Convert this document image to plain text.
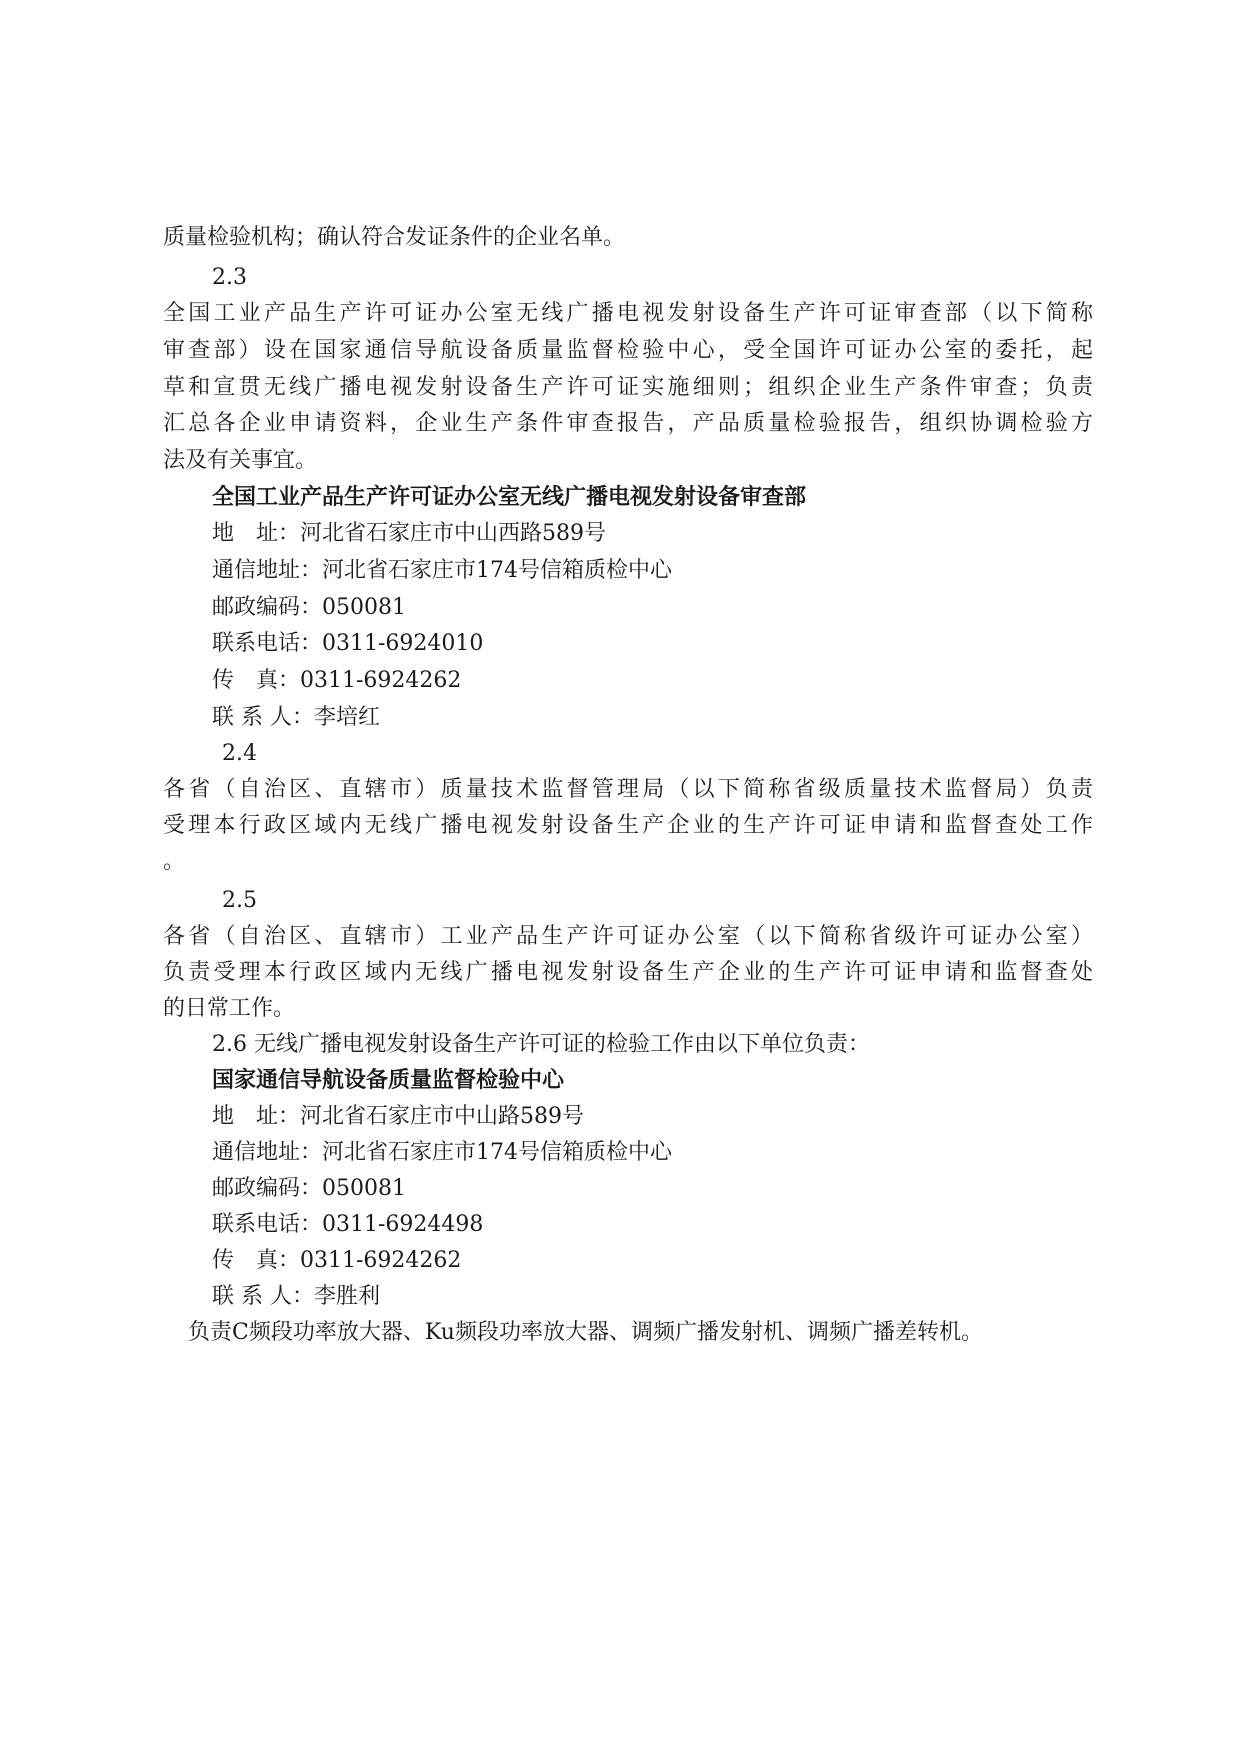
质量检验机构；确认符合发证条件的企业名单。
2.3
全国工业产品生产许可证办公室无线广播电视发射设备生产许可证审查部（以下简称
审查部）设在国家通信导航设备质量监督检验中心，受全国许可证办公室的委托，起
草和宣贯无线广播电视发射设备生产许可证实施细则；组织企业生产条件审查；负责
汇总各企业申请资料，企业生产条件审查报告，产品质量检验报告，组织协调检验方
法及有关事宜。
全国工业产品生产许可证办公室无线广播电视发射设备审查部
地　址：河北省石家庄市中山西路589号
通信地址：河北省石家庄市174号信箱质检中心
邮政编码：050081
联系电话：0311-6924010
传　真：0311-6924262
联 系 人：李培红
2.4
各省（自治区、直辖市）质量技术监督管理局（以下简称省级质量技术监督局）负责
受理本行政区域内无线广播电视发射设备生产企业的生产许可证申请和监督查处工作
。
2.5
各省（自治区、直辖市）工业产品生产许可证办公室（以下简称省级许可证办公室）
负责受理本行政区域内无线广播电视发射设备生产企业的生产许可证申请和监督查处
的日常工作。
2.6 无线广播电视发射设备生产许可证的检验工作由以下单位负责：
国家通信导航设备质量监督检验中心
地　址：河北省石家庄市中山路589号
通信地址：河北省石家庄市174号信箱质检中心
邮政编码：050081
联系电话：0311-6924498
传　真：0311-6924262
联 系 人：李胜利
负责C频段功率放大器、Ku频段功率放大器、调频广播发射机、调频广播差转机。
